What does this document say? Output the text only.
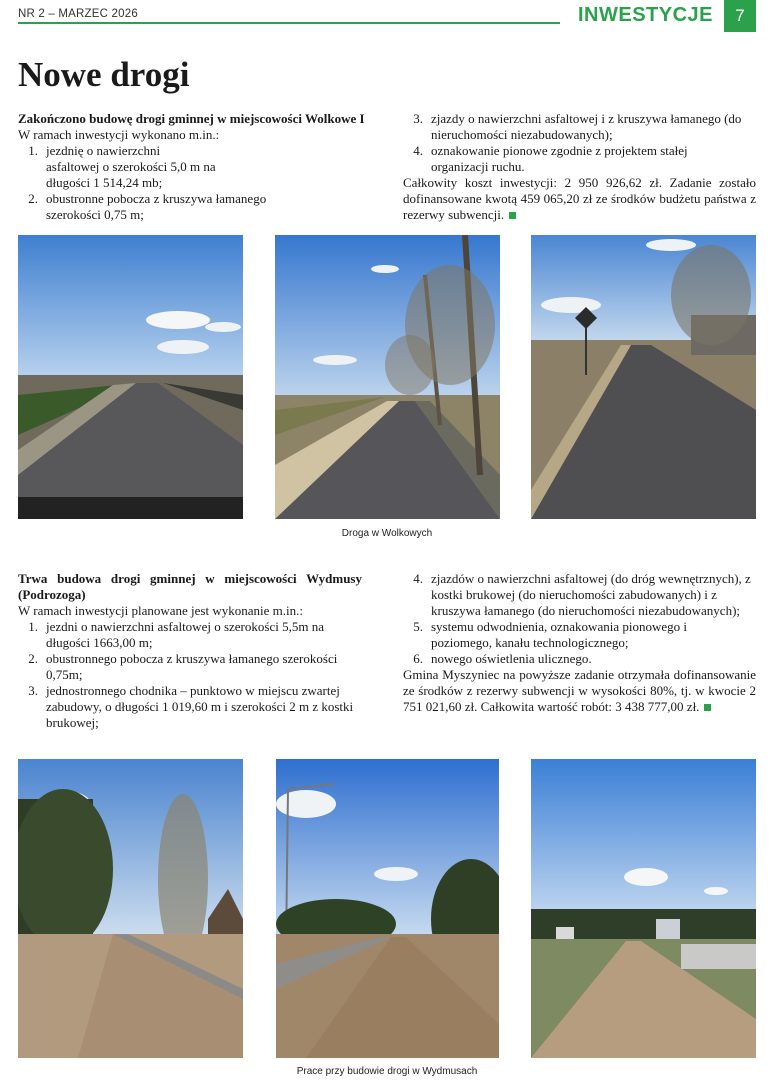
NR 2 – MARZEC 2026	INWESTYCJE	7
Nowe drogi

Zakończono budowę drogi gminnej w miejscowości Wolkowe I

W ramach inwestycji wykonano m.in.:

1. jezdnię o nawierzchni asfaltowej o szerokości 5,0 m na długości 1 514,24 mb;
2. obustronne pobocza z kruszywa łamanego szerokości 0,75 m;
3. zjazdy o nawierzchni asfaltowej i z kruszywa łamanego (do nieruchomości niezabudowanych);
4. oznakowanie pionowe zgodnie z projektem stałej organizacji ruchu.

Całkowity koszt inwestycji: 2 950 926,62 zł. Zadanie zostało dofinansowane kwotą 459 065,20 zł ze środków budżetu państwa z rezerwy subwencji.

Droga w Wolkowych

Trwa budowa drogi gminnej w miejscowości Wydmusy (Podrozoga)

W ramach inwestycji planowane jest wykonanie m.in.:

1. jezdni o nawierzchni asfaltowej o szerokości 5,5m na długości 1663,00 m;
2. obustronnego pobocza z kruszywa łamanego szerokości 0,75m;
3. jednostronnego chodnika – punktowo w miejscu zwartej zabudowy, o długości 1 019,60 m i szerokości 2 m z kostki brukowej;
4. zjazdów o nawierzchni asfaltowej (do dróg wewnętrznych), z kostki brukowej (do nieruchomości zabudowanych) i z kruszywa łamanego (do nieruchomości niezabudowanych);
5. systemu odwodnienia, oznakowania pionowego i poziomego, kanału technologicznego;
6. nowego oświetlenia ulicznego.

Gmina Myszyniec na powyższe zadanie otrzymała dofinansowanie ze środków z rezerwy subwencji w wysokości 80%, tj. w kwocie 2 751 021,60 zł. Całkowita wartość robót: 3 438 777,00 zł.

Prace przy budowie drogi w Wydmusach
